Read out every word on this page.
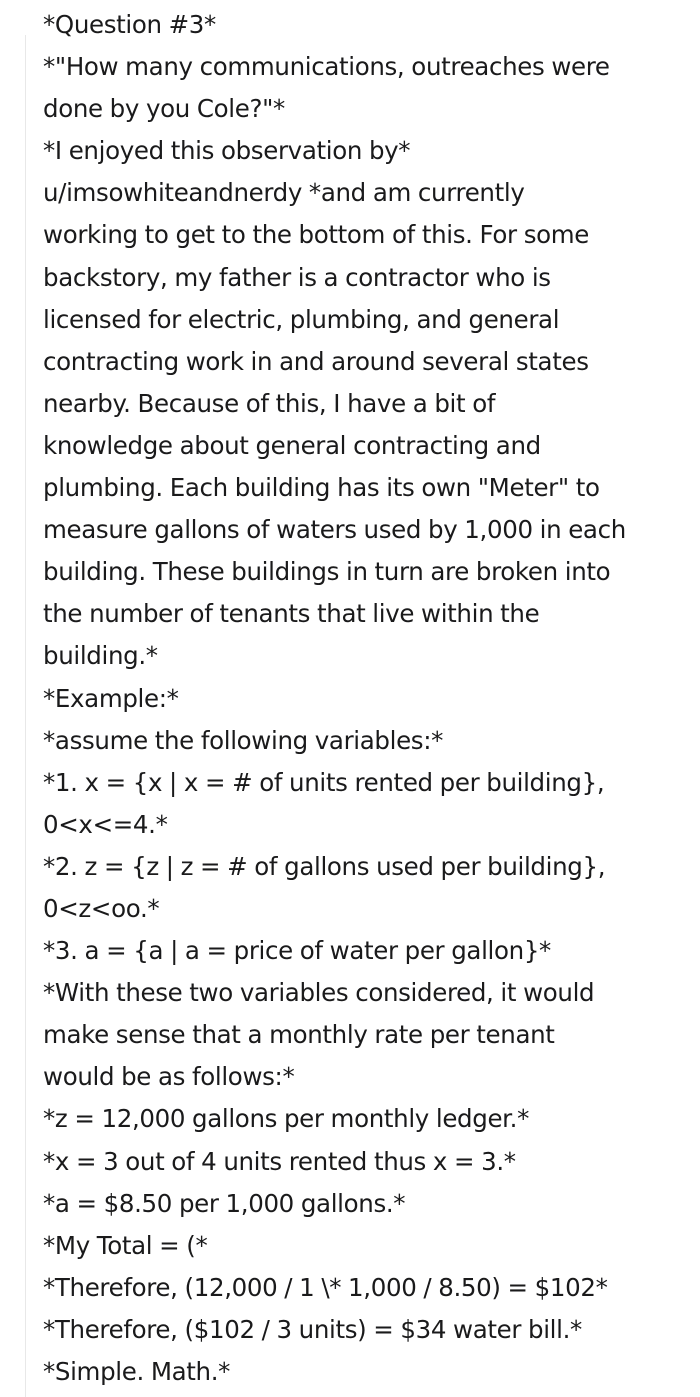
*Question #3*
*"How many communications, outreaches were
done by you Cole?"*
*I enjoyed this observation by*
u/imsowhiteandnerdy *and am currently
working to get to the bottom of this. For some
backstory, my father is a contractor who is
licensed for electric, plumbing, and general
contracting work in and around several states
nearby. Because of this, I have a bit of
knowledge about general contracting and
plumbing. Each building has its own "Meter" to
measure gallons of waters used by 1,000 in each
building. These buildings in turn are broken into
the number of tenants that live within the
building.*
*Example:*
*assume the following variables:*
*1. x = {x | x = # of units rented per building},
0<x<=4.*
*2. z = {z | z = # of gallons used per building},
0<z<oo.*
*3. a = {a | a = price of water per gallon}*
*With these two variables considered, it would
make sense that a monthly rate per tenant
would be as follows:*
*z = 12,000 gallons per monthly ledger.*
*x = 3 out of 4 units rented thus x = 3.*
*a = $8.50 per 1,000 gallons.*
*My Total = (*
*Therefore, (12,000 / 1 \* 1,000 / 8.50) = $102*
*Therefore, ($102 / 3 units) = $34 water bill.*
*Simple. Math.*
